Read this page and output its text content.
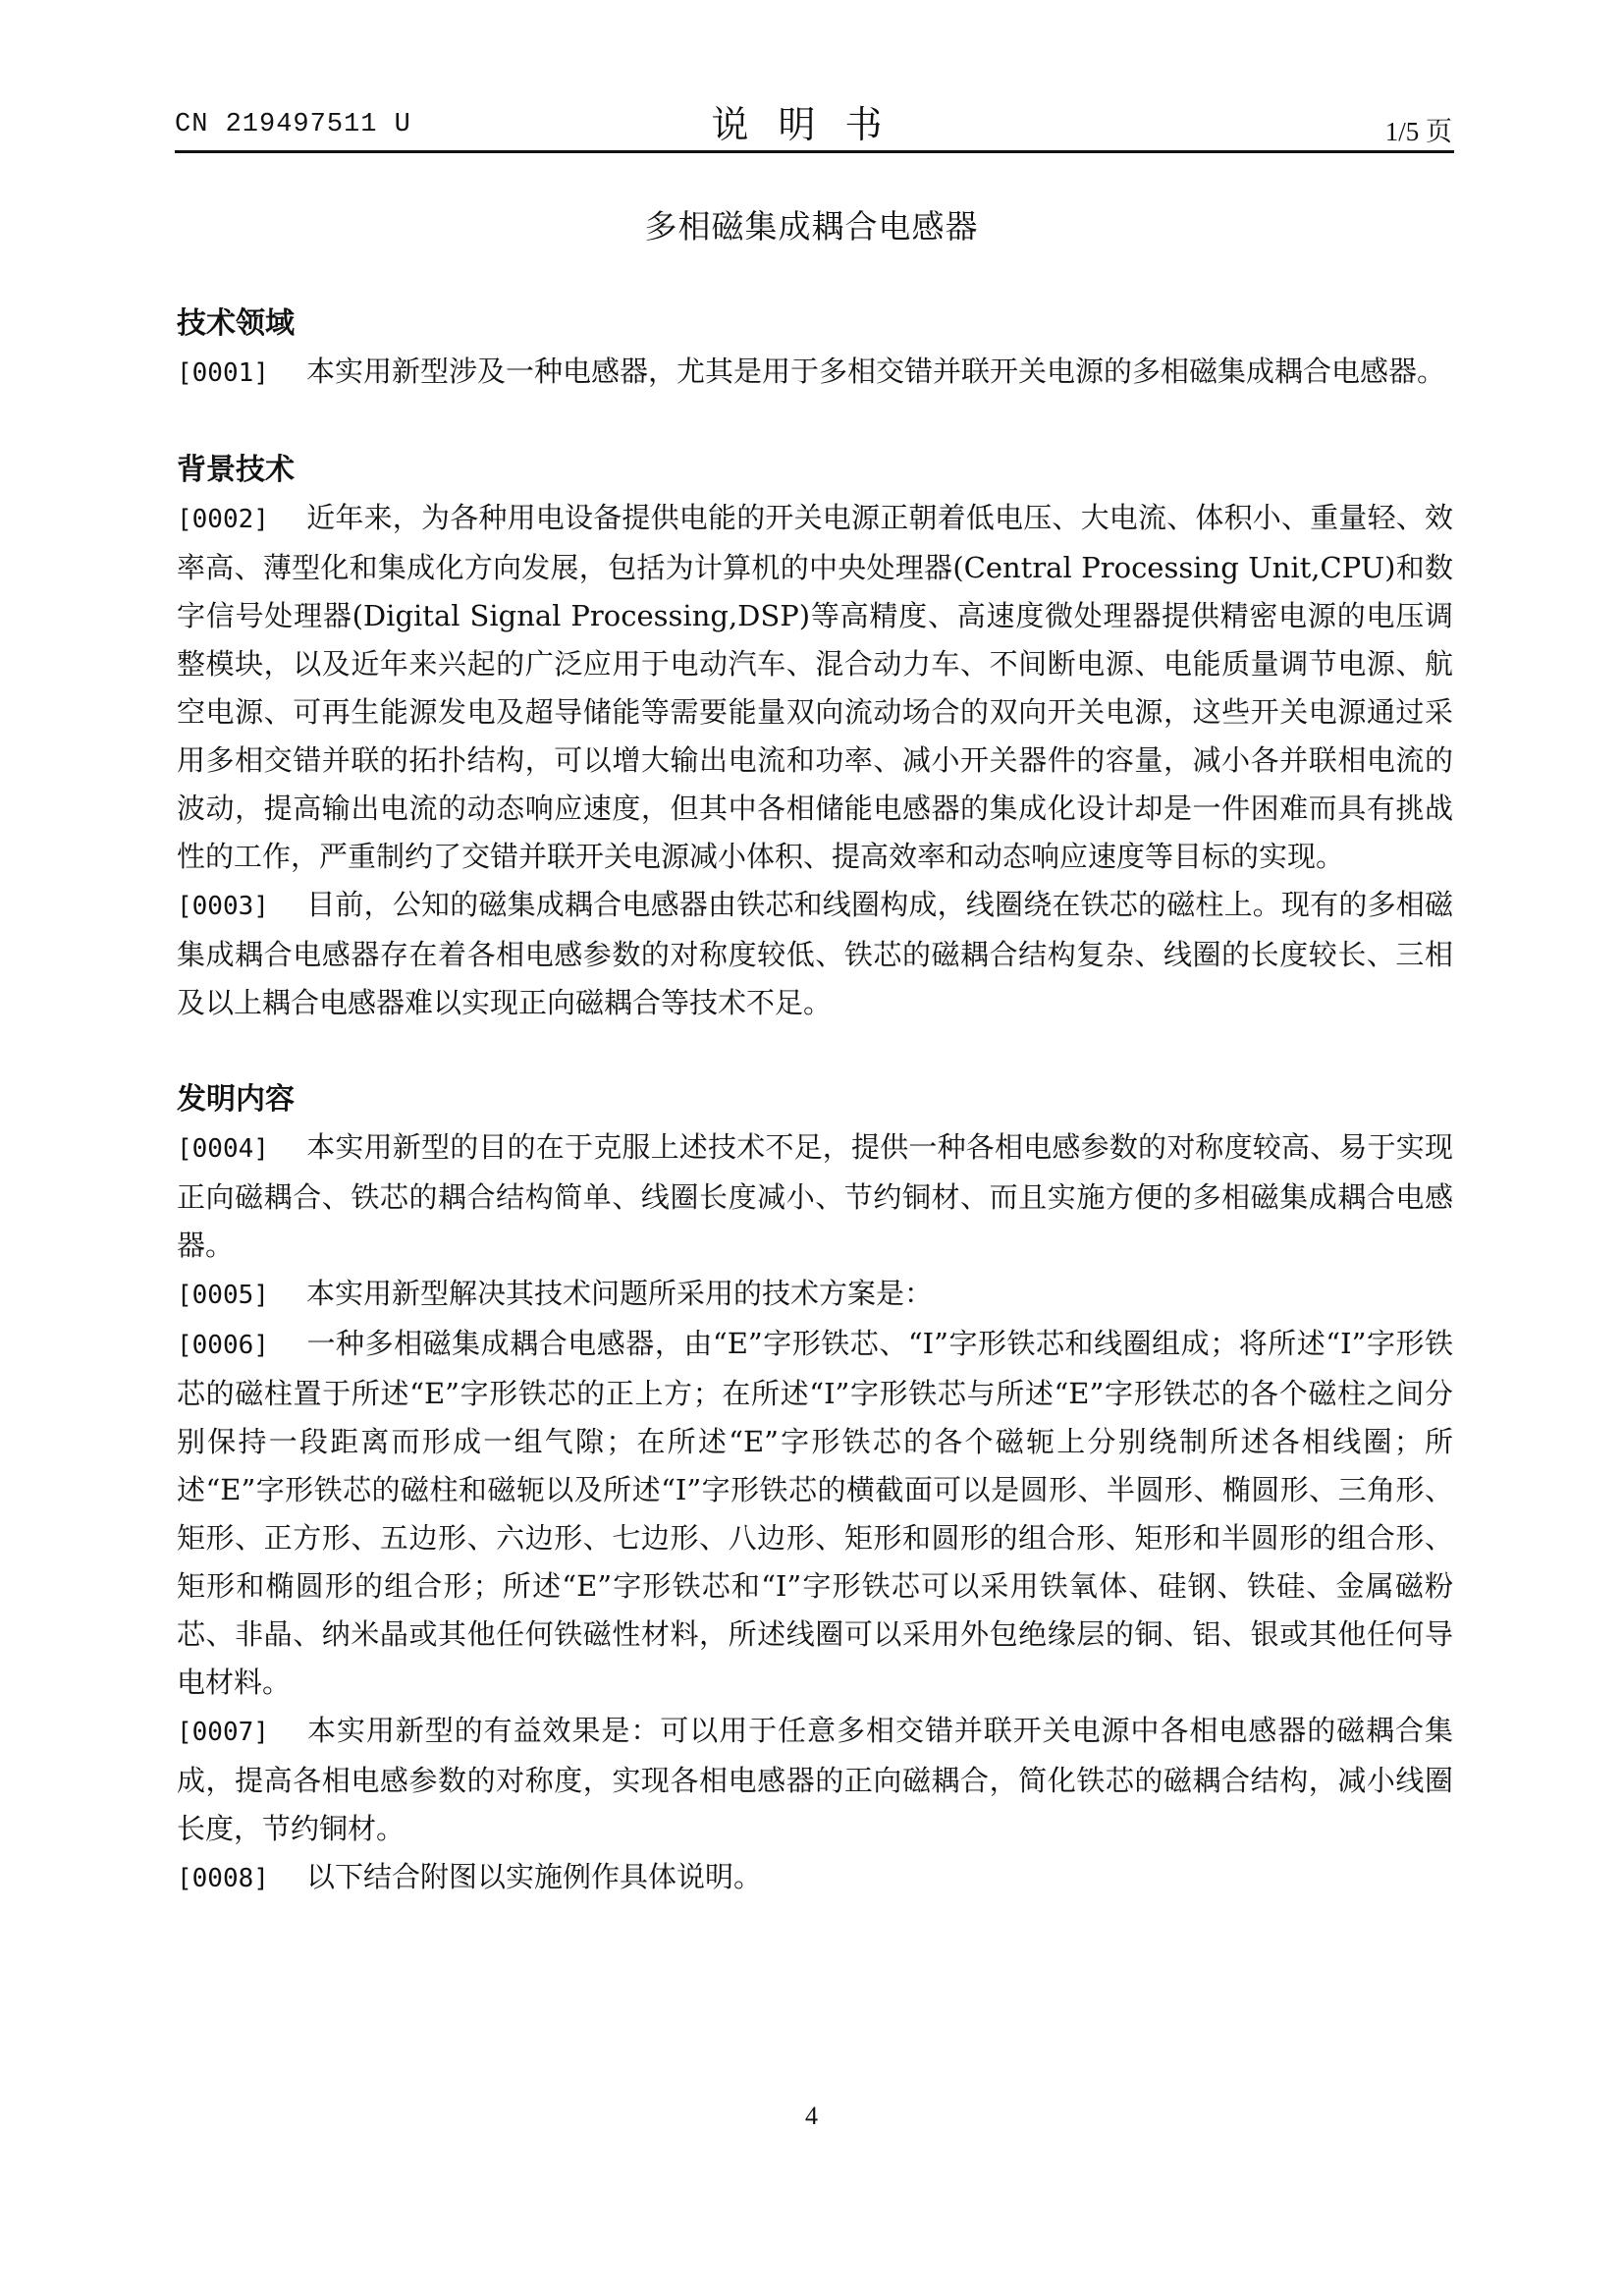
CN 219497511 U	说明书	1/5 页
多相磁集成耦合电感器
技术领域

[0001] 本实用新型涉及一种电感器，尤其是用于多相交错并联开关电源的多相磁集成耦合电感器。

背景技术

[0002] 近年来，为各种用电设备提供电能的开关电源正朝着低电压、大电流、体积小、重量轻、效率高、薄型化和集成化方向发展，包括为计算机的中央处理器(Central Processing Unit,CPU)和数字信号处理器(Digital Signal Processing,DSP)等高精度、高速度微处理器提供精密电源的电压调整模块，以及近年来兴起的广泛应用于电动汽车、混合动力车、不间断电源、电能质量调节电源、航空电源、可再生能源发电及超导储能等需要能量双向流动场合的双向开关电源，这些开关电源通过采用多相交错并联的拓扑结构，可以增大输出电流和功率、减小开关器件的容量，减小各并联相电流的波动，提高输出电流的动态响应速度，但其中各相储能电感器的集成化设计却是一件困难而具有挑战性的工作，严重制约了交错并联开关电源减小体积、提高效率和动态响应速度等目标的实现。

[0003] 目前，公知的磁集成耦合电感器由铁芯和线圈构成，线圈绕在铁芯的磁柱上。现有的多相磁集成耦合电感器存在着各相电感参数的对称度较低、铁芯的磁耦合结构复杂、线圈的长度较长、三相及以上耦合电感器难以实现正向磁耦合等技术不足。

发明内容

[0004] 本实用新型的目的在于克服上述技术不足，提供一种各相电感参数的对称度较高、易于实现正向磁耦合、铁芯的耦合结构简单、线圈长度减小、节约铜材、而且实施方便的多相磁集成耦合电感器。

[0005] 本实用新型解决其技术问题所采用的技术方案是：

[0006] 一种多相磁集成耦合电感器，由“E”字形铁芯、“I”字形铁芯和线圈组成；将所述“I”字形铁芯的磁柱置于所述“E”字形铁芯的正上方；在所述“I”字形铁芯与所述“E”字形铁芯的各个磁柱之间分别保持一段距离而形成一组气隙；在所述“E”字形铁芯的各个磁轭上分别绕制所述各相线圈；所述“E”字形铁芯的磁柱和磁轭以及所述“I”字形铁芯的横截面可以是圆形、半圆形、椭圆形、三角形、矩形、正方形、五边形、六边形、七边形、八边形、矩形和圆形的组合形、矩形和半圆形的组合形、矩形和椭圆形的组合形；所述“E”字形铁芯和“I”字形铁芯可以采用铁氧体、硅钢、铁硅、金属磁粉芯、非晶、纳米晶或其他任何铁磁性材料，所述线圈可以采用外包绝缘层的铜、铝、银或其他任何导电材料。

[0007] 本实用新型的有益效果是：可以用于任意多相交错并联开关电源中各相电感器的磁耦合集成，提高各相电感参数的对称度，实现各相电感器的正向磁耦合，简化铁芯的磁耦合结构，减小线圈长度，节约铜材。

[0008] 以下结合附图以实施例作具体说明。

4
